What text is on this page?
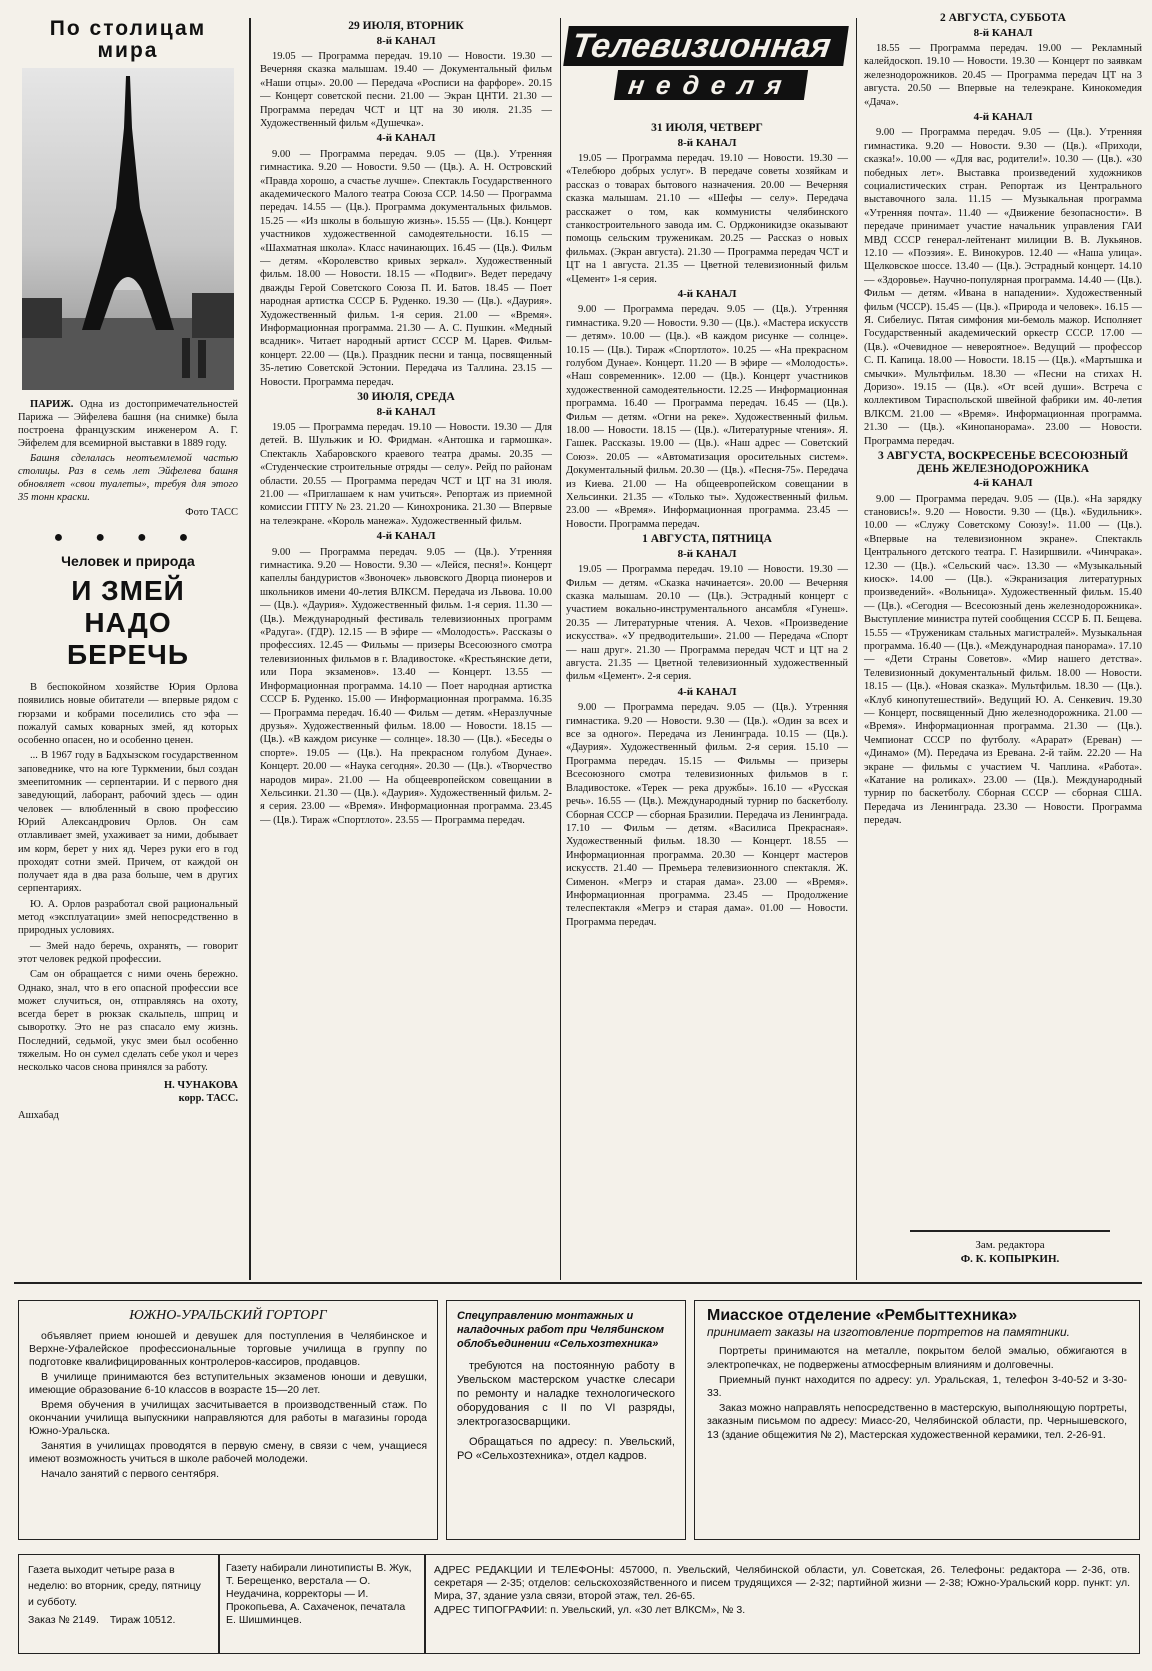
По столицам мира

ПАРИЖ. Одна из достопримечательностей Парижа — Эйфелева башня (на снимке) была построена французским инженером А. Г. Эйфелем для всемирной выставки в 1889 году.

Башня сделалась неотъемлемой частью столицы. Раз в семь лет Эйфелева башня обновляет «свои туалеты», требуя для этого 35 тонн краски.

Фото ТАСС
● ● ● ●
Человек и природа
И ЗМЕЙ НАДО БЕРЕЧЬ

В беспокойном хозяйстве Юрия Орлова появились новые обитатели — впервые рядом с гюрзами и кобрами поселились сто эфа — пожалуй самых коварных змей, яд которых особенно опасен, но и особенно ценен.

... В 1967 году в Бадхызском государственном заповеднике, что на юге Туркмении, был создан змеепитомник — серпентарии. И с первого дня заведующий, лаборант, рабочий здесь — один человек — влюбленный в свою профессию Юрий Александрович Орлов. Он сам отлавливает змей, ухаживает за ними, добывает им корм, берет у них яд. Через руки его в год проходят сотни змей. Причем, от каждой он получает яда в два раза больше, чем в других серпентариях.

Ю. А. Орлов разработал свой рациональный метод «эксплуатации» змей непосредственно в природных условиях.

— Змей надо беречь, охранять, — говорит этот человек редкой профессии.

Сам он обращается с ними очень бережно. Однако, знал, что в его опасной профессии все может случиться, он, отправляясь на охоту, всегда берет в рюкзак скальпель, шприц и сыворотку. Это не раз спасало ему жизнь. Последний, седьмой, укус змеи был особенно тяжелым. Но он сумел сделать себе укол и через несколько часов снова принялся за работу.

Н. ЧУНАКОВА
корр. ТАСС.
Ашхабад
29 ИЮЛЯ, ВТОРНИК
8-й КАНАЛ

19.05 — Программа передач. 19.10 — Новости. 19.30 — Вечерняя сказка малышам. 19.40 — Документальный фильм «Наши отцы». 20.00 — Передача «Росписи на фарфоре». 20.15 — Концерт советской песни. 21.00 — Экран ЦНТИ. 21.30 — Программа передач ЧСТ и ЦТ на 30 июля. 21.35 — Художественный фильм «Душечка».

4-й КАНАЛ

9.00 — Программа передач. 9.05 — (Цв.). Утренняя гимнастика. 9.20 — Новости. 9.50 — (Цв.). А. Н. Островский «Правда хорошо, а счастье лучше». Спектакль Государственного академического Малого театра Союза ССР. 14.50 — Программа передач. 14.55 — (Цв.). Программа документальных фильмов. 15.25 — «Из школы в большую жизнь». 15.55 — (Цв.). Концерт участников художественной самодеятельности. 16.15 — «Шахматная школа». Класс начинающих. 16.45 — (Цв.). Фильм — детям. «Королевство кривых зеркал». Художественный фильм. 18.00 — Новости. 18.15 — «Подвиг». Ведет передачу дважды Герой Советского Союза П. И. Батов. 18.45 — Поет народная артистка СССР Б. Руденко. 19.30 — (Цв.). «Даурия». Художественный фильм. 1-я серия. 21.00 — «Время». Информационная программа. 21.30 — А. С. Пушкин. «Медный всадник». Читает народный артист СССР М. Царев. Фильм-концерт. 22.00 — (Цв.). Праздник песни и танца, посвященный 35-летию Советской Эстонии. Передача из Таллина. 23.15 — Новости. Программа передач.

30 ИЮЛЯ, СРЕДА
8-й КАНАЛ

19.05 — Программа передач. 19.10 — Новости. 19.30 — Для детей. В. Шульжик и Ю. Фридман. «Антошка и гармошка». Спектакль Хабаровского краевого театра драмы. 20.35 — «Студенческие строительные отряды — селу». Рейд по районам области. 20.55 — Программа передач ЧСТ и ЦТ на 31 июля. 21.00 — «Приглашаем к нам учиться». Репортаж из приемной комиссии ГПТУ № 23. 21.20 — Кинохроника. 21.30 — Впервые на телеэкране. «Король манежа». Художественный фильм.

4-й КАНАЛ

9.00 — Программа передач. 9.05 — (Цв.). Утренняя гимнастика. 9.20 — Новости. 9.30 — «Лейся, песня!». Концерт капеллы бандуристов «Звоночек» львовского Дворца пионеров и школьников имени 40-летия ВЛКСМ. Передача из Львова. 10.00 — (Цв.). «Даурия». Художественный фильм. 1-я серия. 11.30 — (Цв.). Международный фестиваль телевизионных программ «Радуга». (ГДР). 12.15 — В эфире — «Молодость». Рассказы о профессиях. 12.45 — Фильмы — призеры Всесоюзного смотра телевизионных фильмов в г. Владивостоке. «Крестьянские дети, или Пора экзаменов». 13.40 — Концерт. 13.55 — Информационная программа. 14.10 — Поет народная артистка СССР Б. Руденко. 15.00 — Информационная программа. 16.35 — Программа передач. 16.40 — Фильм — детям. «Неразлучные друзья». Художественный фильм. 18.00 — Новости. 18.15 — (Цв.). «В каждом рисунке — солнце». 18.30 — (Цв.). «Беседы о спорте». 19.05 — (Цв.). На прекрасном голубом Дунае». Концерт. 20.00 — «Наука сегодня». 20.30 — (Цв.). «Творчество народов мира». 21.00 — На общеевропейском совещании в Хельсинки. 21.30 — (Цв.). «Даурия». Художественный фильм. 2-я серия. 23.00 — «Время». Информационная программа. 23.45 — (Цв.). Тираж «Спортлото». 23.55 — Программа передач.

Телевизионная
неделя
31 ИЮЛЯ, ЧЕТВЕРГ
8-й КАНАЛ

19.05 — Программа передач. 19.10 — Новости. 19.30 — «Телебюро добрых услуг». В передаче советы хозяйкам и рассказ о товарах бытового назначения. 20.00 — Вечерняя сказка малышам. 21.10 — «Шефы — селу». Передача расскажет о том, как коммунисты челябинского станкостроительного завода им. С. Орджоникидзе оказывают помощь сельским труженикам. 20.25 — Рассказ о новых фильмах. (Экран августа). 21.30 — Программа передач ЧСТ и ЦТ на 1 августа. 21.35 — Цветной телевизионный фильм «Цемент» 1-я серия.

4-й КАНАЛ

9.00 — Программа передач. 9.05 — (Цв.). Утренняя гимнастика. 9.20 — Новости. 9.30 — (Цв.). «Мастера искусств — детям». 10.00 — (Цв.). «В каждом рисунке — солнце». 10.15 — (Цв.). Тираж «Спортлото». 10.25 — «На прекрасном голубом Дунае». Концерт. 11.20 — В эфире — «Молодость». «Наш современник». 12.00 — (Цв.). Концерт участников художественной самодеятельности. 12.25 — Информационная программа. 16.40 — Программа передач. 16.45 — (Цв.). Фильм — детям. «Огни на реке». Художественный фильм. 18.00 — Новости. 18.15 — (Цв.). «Литературные чтения». Я. Гашек. Рассказы. 19.00 — (Цв.). «Наш адрес — Советский Союз». 20.05 — «Автоматизация оросительных систем». Документальный фильм. 20.30 — (Цв.). «Песня-75». Передача из Киева. 21.00 — На общеевропейском совещании в Хельсинки. 21.35 — «Только ты». Художественный фильм. 23.00 — «Время». Информационная программа. 23.45 — Новости. Программа передач.

1 АВГУСТА, ПЯТНИЦА
8-й КАНАЛ

19.05 — Программа передач. 19.10 — Новости. 19.30 — Фильм — детям. «Сказка начинается». 20.00 — Вечерняя сказка малышам. 20.10 — (Цв.). Эстрадный концерт с участием вокально-инструментального ансамбля «Гунеш». 20.35 — Литературные чтения. А. Чехов. «Произведение искусства». «У предводительши». 21.00 — Передача «Спорт — наш друг». 21.30 — Программа передач ЧСТ и ЦТ на 2 августа. 21.35 — Цветной телевизионный художественный фильм «Цемент». 2-я серия.

4-й КАНАЛ

9.00 — Программа передач. 9.05 — (Цв.). Утренняя гимнастика. 9.20 — Новости. 9.30 — (Цв.). «Один за всех и все за одного». Передача из Ленинграда. 10.15 — (Цв.). «Даурия». Художественный фильм. 2-я серия. 15.10 — Программа передач. 15.15 — Фильмы — призеры Всесоюзного смотра телевизионных фильмов в г. Владивостоке. «Терек — река дружбы». 16.10 — «Русская речь». 16.55 — (Цв.). Международный турнир по баскетболу. Сборная СССР — сборная Бразилии. Передача из Ленинграда. 17.10 — Фильм — детям. «Василиса Прекрасная». Художественный фильм. 18.30 — Концерт. 18.55 — Информационная программа. 20.30 — Концерт мастеров искусств. 21.40 — Премьера телевизионного спектакля. Ж. Сименон. «Мегрэ и старая дама». 23.00 — «Время». Информационная программа. 23.45 — Продолжение телеспектакля «Мегрэ и старая дама». 01.00 — Новости. Программа передач.

2 АВГУСТА, СУББОТА
8-й КАНАЛ

18.55 — Программа передач. 19.00 — Рекламный калейдоскоп. 19.10 — Новости. 19.30 — Концерт по заявкам железнодорожников. 20.45 — Программа передач ЦТ на 3 августа. 20.50 — Впервые на телеэкране. Кинокомедия «Дача».

4-й КАНАЛ

9.00 — Программа передач. 9.05 — (Цв.). Утренняя гимнастика. 9.20 — Новости. 9.30 — (Цв.). «Приходи, сказка!». 10.00 — «Для вас, родители!». 10.30 — (Цв.). «30 победных лет». Выставка произведений художников социалистических стран. Репортаж из Центрального выставочного зала. 11.15 — Музыкальная программа «Утренняя почта». 11.40 — «Движение безопасности». В передаче принимает участие начальник управления ГАИ МВД СССР генерал-лейтенант милиции В. В. Лукьянов. 12.10 — «Поэзия». Е. Винокуров. 12.40 — «Наша улица». Щелковское шоссе. 13.40 — (Цв.). Эстрадный концерт. 14.10 — «Здоровье». Научно-популярная программа. 14.40 — (Цв.). Фильм — детям. «Ивана в нападении». Художественный фильм (ЧССР). 15.45 — (Цв.). «Природа и человек». 16.15 — Я. Сибелиус. Пятая симфония ми-бемоль мажор. Исполняет Государственный академический оркестр СССР. 17.00 — (Цв.). «Очевидное — невероятное». Ведущий — профессор С. П. Капица. 18.00 — Новости. 18.15 — (Цв.). «Мартышка и смычки». Мультфильм. 18.30 — «Песни на стихах Н. Доризо». 19.15 — (Цв.). «От всей души». Встреча с коллективом Тираспольской швейной фабрики им. 40-летия ВЛКСМ. 21.00 — «Время». Информационная программа. 21.30 — (Цв.). «Кинопанорама». 23.00 — Новости. Программа передач.

3 АВГУСТА, ВОСКРЕСЕНЬЕ ВСЕСОЮЗНЫЙ ДЕНЬ ЖЕЛЕЗНОДОРОЖНИКА
4-й КАНАЛ

9.00 — Программа передач. 9.05 — (Цв.). «На зарядку становись!». 9.20 — Новости. 9.30 — (Цв.). «Будильник». 10.00 — «Служу Советскому Союзу!». 11.00 — (Цв.). «Впервые на телевизионном экране». Спектакль Центрального детского театра. Г. Назиршвили. «Чинчрака». 12.30 — (Цв.). «Сельский час». 13.30 — «Музыкальный киоск». 14.00 — (Цв.). «Экранизация литературных произведений». «Вольница». Художественный фильм. 15.40 — (Цв.). «Сегодня — Всесоюзный день железнодорожника». Выступление министра путей сообщения СССР Б. П. Бещева. 15.55 — «Труженикам стальных магистралей». Музыкальная программа. 16.40 — (Цв.). «Международная панорама». 17.10 — «Дети Страны Советов». «Мир нашего детства». Телевизионный документальный фильм. 18.00 — Новости. 18.15 — (Цв.). «Новая сказка». Мультфильм. 18.30 — (Цв.). «Клуб кинопутешествий». Ведущий Ю. А. Сенкевич. 19.30 — Концерт, посвященный Дню железнодорожника. 21.00 — «Время». Информационная программа. 21.30 — (Цв.). Чемпионат СССР по футболу. «Арарат» (Ереван) — «Динамо» (М). Передача из Еревана. 2-й тайм. 22.20 — На экране — фильмы с участием Ч. Чаплина. «Работа». «Катание на роликах». 23.00 — (Цв.). Международный турнир по баскетболу. Сборная СССР — сборная США. Передача из Ленинграда. 23.30 — Новости. Программа передач.

Зам. редактора
Ф. К. КОПЫРКИН.
ЮЖНО-УРАЛЬСКИЙ ГОРТОРГ

объявляет прием юношей и девушек для поступления в Челябинское и Верхне-Уфалейское профессиональные торговые училища в группу по подготовке квалифицированных контролеров-кассиров, продавцов.

В училище принимаются без вступительных экзаменов юноши и девушки, имеющие образование 6-10 классов в возрасте 15—20 лет.

Время обучения в училищах засчитывается в производственный стаж. По окончании училища выпускники направляются для работы в магазины города Южно-Уральска.

Занятия в училищах проводятся в первую смену, в связи с чем, учащиеся имеют возможность учиться в школе рабочей молодежи.

Начало занятий с первого сентября.

Спецуправлению монтажных и наладочных работ при Челябинском облобъединении «Сельхозтехника»

требуются на постоянную работу в Увельском мастерском участке слесари по ремонту и наладке технологического оборудования с II по VI разряды, электрогазосварщики.

Обращаться по адресу: п. Увельский, РО «Сельхозтехника», отдел кадров.

Миасское отделение «Рембыттехника»
принимает заказы на изготовление портретов на памятники.

Портреты принимаются на металле, покрытом белой эмалью, обжигаются в электропечках, не подвержены атмосферным влияниям и долговечны.

Приемный пункт находится по адресу: ул. Уральская, 1, телефон 3-40-52 и 3-30-33.

Заказ можно направлять непосредственно в мастерскую, выполняющую портреты, заказным письмом по адресу: Миасс-20, Челябинской области, пр. Чернышевского, 13 (здание общежития № 2), Мастерская художественной керамики, тел. 2-26-91.

Газета выходит четыре раза в неделю: во вторник, среду, пятницу и субботу.
Заказ № 2149. Тираж 10512.
Газету набирали линотиписты В. Жук, Т. Берещенко, верстала — О. Неудачина, корректоры — И. Прокопьева, А. Сахаченок, печатала Е. Шишминцев.
АДРЕС РЕДАКЦИИ И ТЕЛЕФОНЫ: 457000, п. Увельский, Челябинской области, ул. Советская, 26. Телефоны: редактора — 2-36, отв. секретаря — 2-35; отделов: сельскохозяйственного и писем трудящихся — 2-32; партийной жизни — 2-38; Южно-Уральский корр. пункт: ул. Мира, 37, здание узла связи, второй этаж, тел. 26-65.
АДРЕС ТИПОГРАФИИ: п. Увельский, ул. «30 лет ВЛКСМ», № 3.
